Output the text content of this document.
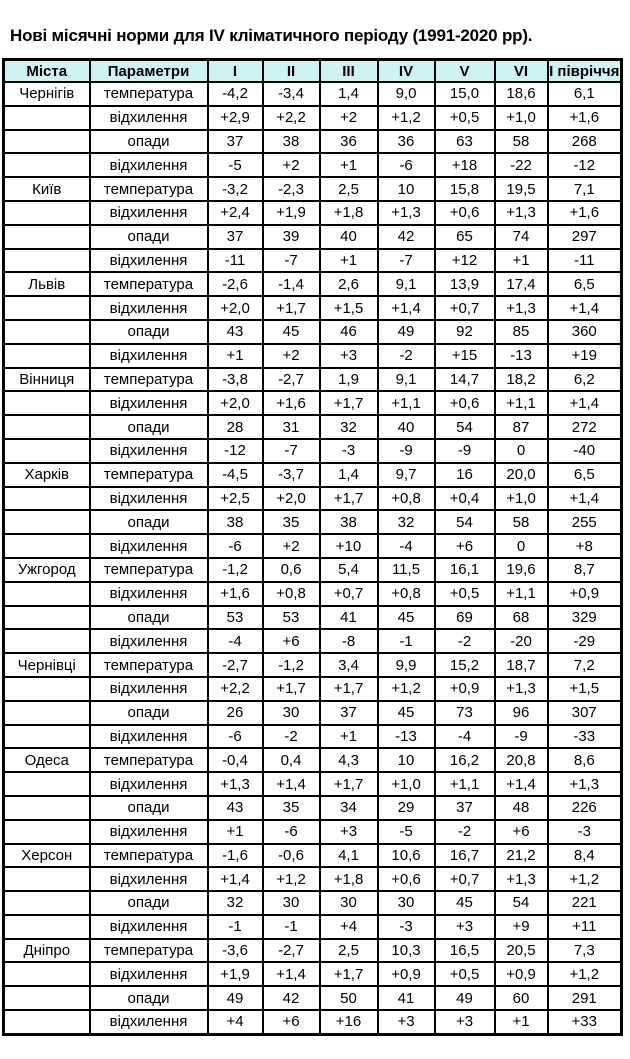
Нові місячні норми для IV кліматичного періоду (1991-2020 рр).
Міста	Параметри	I	II	III	IV	V	VI	І півріччя
Чернігів	температура	-4,2	-3,4	1,4	9,0	15,0	18,6	6,1
	відхилення	+2,9	+2,2	+2	+1,2	+0,5	+1,0	+1,6
	опади	37	38	36	36	63	58	268
	відхилення	-5	+2	+1	-6	+18	-22	-12
Київ	температура	-3,2	-2,3	2,5	10	15,8	19,5	7,1
	відхилення	+2,4	+1,9	+1,8	+1,3	+0,6	+1,3	+1,6
	опади	37	39	40	42	65	74	297
	відхилення	-11	-7	+1	-7	+12	+1	-11
Львів	температура	-2,6	-1,4	2,6	9,1	13,9	17,4	6,5
	відхилення	+2,0	+1,7	+1,5	+1,4	+0,7	+1,3	+1,4
	опади	43	45	46	49	92	85	360
	відхилення	+1	+2	+3	-2	+15	-13	+19
Вінниця	температура	-3,8	-2,7	1,9	9,1	14,7	18,2	6,2
	відхилення	+2,0	+1,6	+1,7	+1,1	+0,6	+1,1	+1,4
	опади	28	31	32	40	54	87	272
	відхилення	-12	-7	-3	-9	-9	0	-40
Харків	температура	-4,5	-3,7	1,4	9,7	16	20,0	6,5
	відхилення	+2,5	+2,0	+1,7	+0,8	+0,4	+1,0	+1,4
	опади	38	35	38	32	54	58	255
	відхилення	-6	+2	+10	-4	+6	0	+8
Ужгород	температура	-1,2	0,6	5,4	11,5	16,1	19,6	8,7
	відхилення	+1,6	+0,8	+0,7	+0,8	+0,5	+1,1	+0,9
	опади	53	53	41	45	69	68	329
	відхилення	-4	+6	-8	-1	-2	-20	-29
Чернівці	температура	-2,7	-1,2	3,4	9,9	15,2	18,7	7,2
	відхилення	+2,2	+1,7	+1,7	+1,2	+0,9	+1,3	+1,5
	опади	26	30	37	45	73	96	307
	відхилення	-6	-2	+1	-13	-4	-9	-33
Одеса	температура	-0,4	0,4	4,3	10	16,2	20,8	8,6
	відхилення	+1,3	+1,4	+1,7	+1,0	+1,1	+1,4	+1,3
	опади	43	35	34	29	37	48	226
	відхилення	+1	-6	+3	-5	-2	+6	-3
Херсон	температура	-1,6	-0,6	4,1	10,6	16,7	21,2	8,4
	відхилення	+1,4	+1,2	+1,8	+0,6	+0,7	+1,3	+1,2
	опади	32	30	30	30	45	54	221
	відхилення	-1	-1	+4	-3	+3	+9	+11
Дніпро	температура	-3,6	-2,7	2,5	10,3	16,5	20,5	7,3
	відхилення	+1,9	+1,4	+1,7	+0,9	+0,5	+0,9	+1,2
	опади	49	42	50	41	49	60	291
	відхилення	+4	+6	+16	+3	+3	+1	+33
